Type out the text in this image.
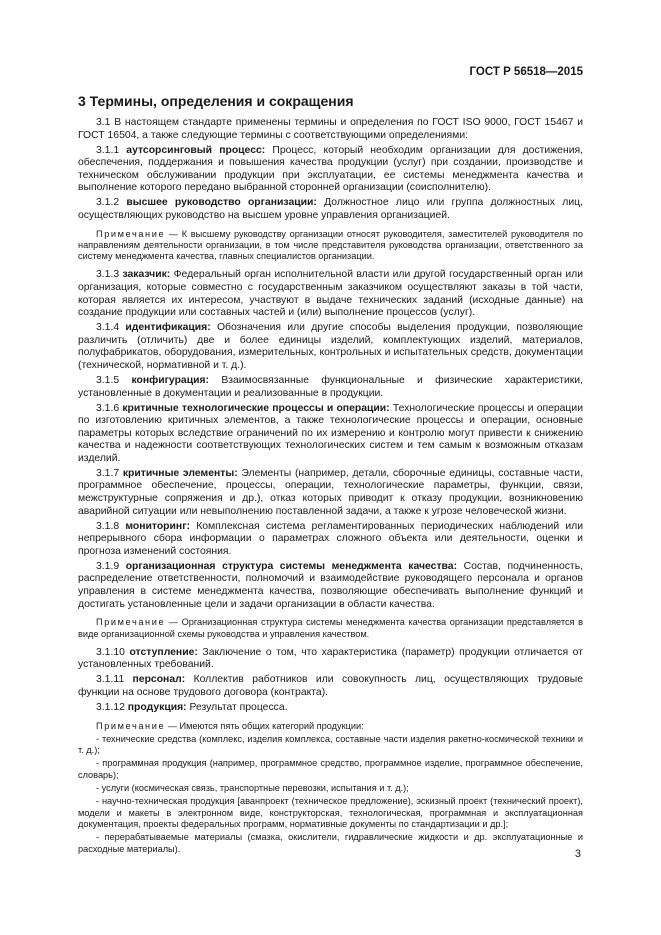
ГОСТ Р 56518—2015
3 Термины, определения и сокращения

3.1 В настоящем стандарте применены термины и определения по ГОСТ ISO 9000, ГОСТ 15467 и ГОСТ 16504, а также следующие термины с соответствующими определениями:

3.1.1 аутсорсинговый процесс: Процесс, который необходим организации для достижения, обеспечения, поддержания и повышения качества продукции (услуг) при создании, производстве и техническом обслуживании продукции при эксплуатации, ее системы менеджмента качества и выполнение которого передано выбранной сторонней организации (соисполнителю).

3.1.2 высшее руководство организации: Должностное лицо или группа должностных лиц, осуществляющих руководство на высшем уровне управления организацией.

Примечание — К высшему руководству организации относят руководителя, заместителей руководителя по направлениям деятельности организации, в том числе представителя руководства организации, ответственного за систему менеджмента качества, главных специалистов организации.

3.1.3 заказчик: Федеральный орган исполнительной власти или другой государственный орган или организация, которые совместно с государственным заказчиком осуществляют заказы в той части, которая является их интересом, участвуют в выдаче технических заданий (исходные данные) на создание продукции или составных частей и (или) выполнение процессов (услуг).

3.1.4 идентификация: Обозначения или другие способы выделения продукции, позволяющие различить (отличить) две и более единицы изделий, комплектующих изделий, материалов, полуфабрикатов, оборудования, измерительных, контрольных и испытательных средств, документации (технической, нормативной и т. д.).

3.1.5 конфигурация: Взаимосвязанные функциональные и физические характеристики, установленные в документации и реализованные в продукции.

3.1.6 критичные технологические процессы и операции: Технологические процессы и операции по изготовлению критичных элементов, а также технологические процессы и операции, основные параметры которых вследствие ограничений по их измерению и контролю могут привести к снижению качества и надежности соответствующих технологических систем и тем самым к возможным отказам изделий.

3.1.7 критичные элементы: Элементы (например, детали, сборочные единицы, составные части, программное обеспечение, процессы, операции, технологические параметры, функции, связи, межструктурные сопряжения и др.), отказ которых приводит к отказу продукции, возникновению аварийной ситуации или невыполнению поставленной задачи, а также к угрозе человеческой жизни.

3.1.8 мониторинг: Комплексная система регламентированных периодических наблюдений или непрерывного сбора информации о параметрах сложного объекта или деятельности, оценки и прогноза изменений состояния.

3.1.9 организационная структура системы менеджмента качества: Состав, подчиненность, распределение ответственности, полномочий и взаимодействие руководящего персонала и органов управления в системе менеджмента качества, позволяющие обеспечивать выполнение функций и достигать установленные цели и задачи организации в области качества.

Примечание — Организационная структура системы менеджмента качества организации представляется в виде организационной схемы руководства и управления качеством.

3.1.10 отступление: Заключение о том, что характеристика (параметр) продукции отличается от установленных требований.

3.1.11 персонал: Коллектив работников или совокупность лиц, осуществляющих трудовые функции на основе трудового договора (контракта).

3.1.12 продукция: Результат процесса.

Примечание — Имеются пять общих категорий продукции:

- технические средства (комплекс, изделия комплекса, составные части изделия ракетно-космической техники и т. д.);

- программная продукция (например, программное средство, программное изделие, программное обеспечение, словарь);

- услуги (космическая связь, транспортные перевозки, испытания и т. д.);

- научно-техническая продукция [аванпроект (техническое предложение), эскизный проект (технический проект), модели и макеты в электронном виде, конструкторская, технологическая, программная и эксплуатационная документация, проекты федеральных программ, нормативные документы по стандартизации и др.];

- перерабатываемые материалы (смазка, окислители, гидравлические жидкости и др. эксплуатационные и расходные материалы).	3
